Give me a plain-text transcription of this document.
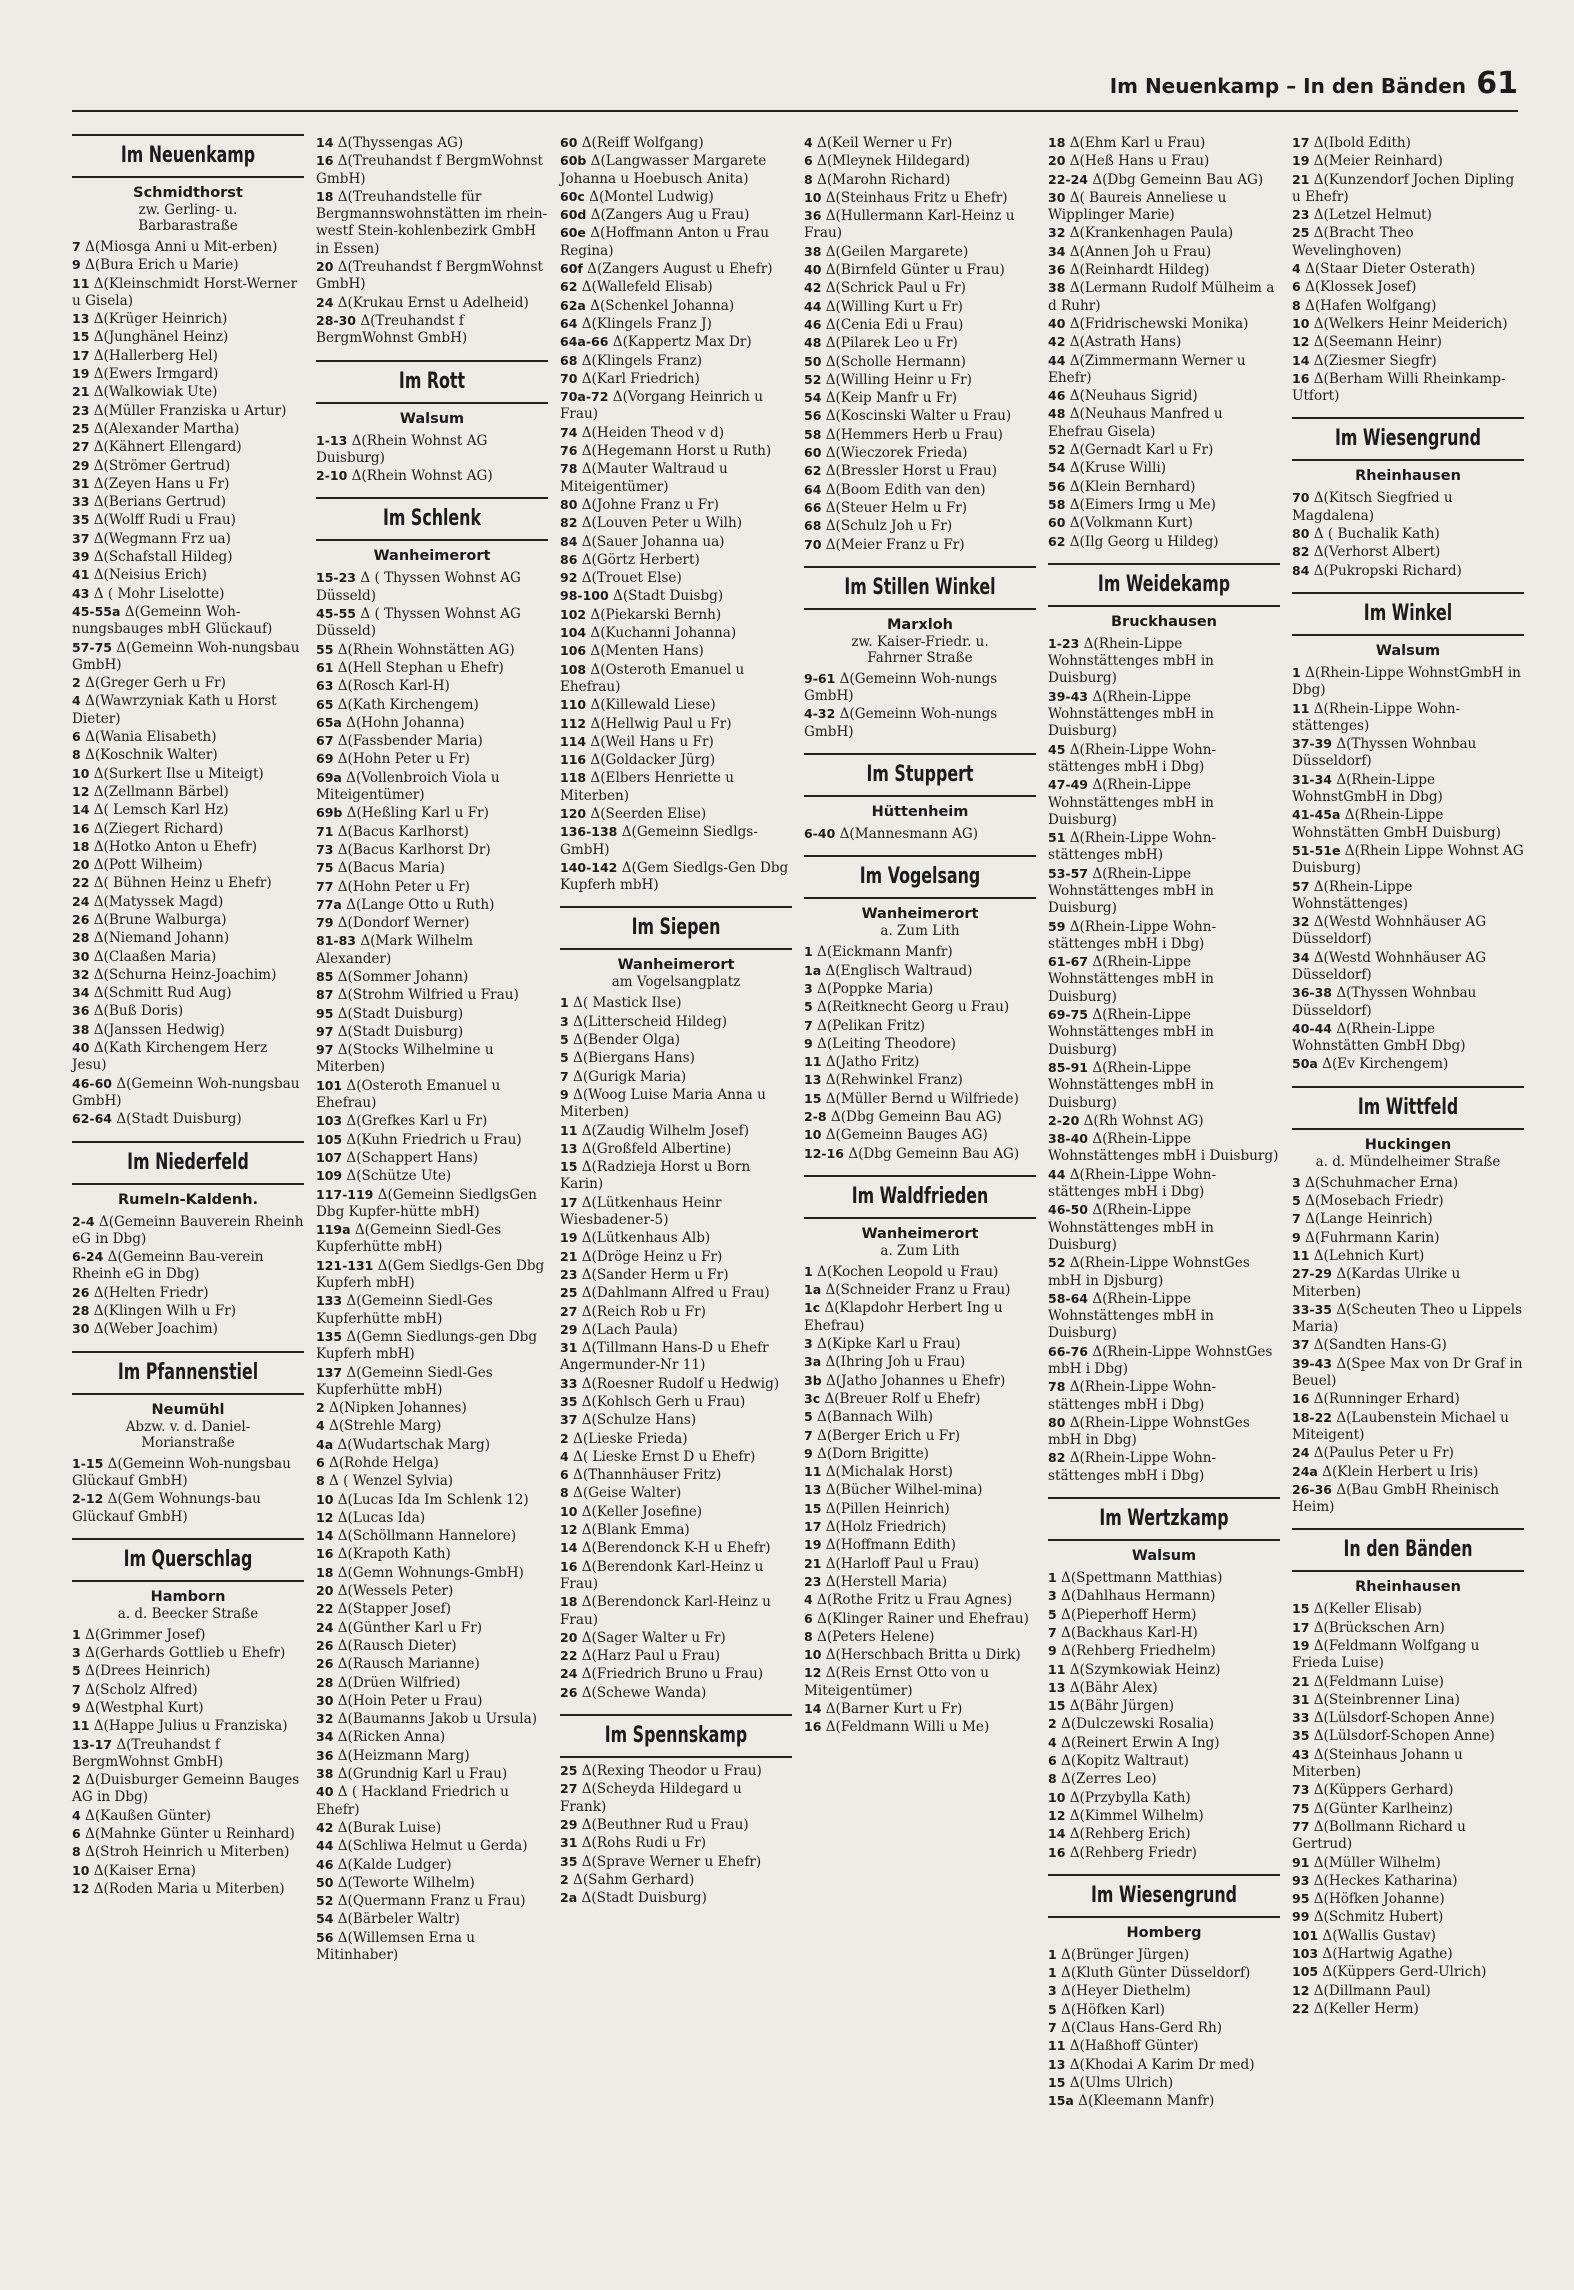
Im Neuenkamp – In den Bänden 61
Im Neuenkamp
Schmidthorst
zw. Gerling- u.
Barbarastraße

7 Δ(Miosga Anni u Mit-erben)

9 Δ(Bura Erich u Marie)

11 Δ(Kleinschmidt Horst-Werner u Gisela)

13 Δ(Krüger Heinrich)

15 Δ(Junghänel Heinz)

17 Δ(Hallerberg Hel)

19 Δ(Ewers Irmgard)

21 Δ(Walkowiak Ute)

23 Δ(Müller Franziska u Artur)

25 Δ(Alexander Martha)

27 Δ(Kähnert Ellengard)

29 Δ(Strömer Gertrud)

31 Δ(Zeyen Hans u Fr)

33 Δ(Berians Gertrud)

35 Δ(Wolff Rudi u Frau)

37 Δ(Wegmann Frz ua)

39 Δ(Schafstall Hildeg)

41 Δ(Neisius Erich)

43 Δ ( Mohr Liselotte)

45-55a Δ(Gemeinn Woh-nungsbauges mbH Glückauf)

57-75 Δ(Gemeinn Woh-nungsbau GmbH)

2 Δ(Greger Gerh u Fr)

4 Δ(Wawrzyniak Kath u Horst Dieter)

6 Δ(Wania Elisabeth)

8 Δ(Koschnik Walter)

10 Δ(Surkert Ilse u Miteigt)

12 Δ(Zellmann Bärbel)

14 Δ( Lemsch Karl Hz)

16 Δ(Ziegert Richard)

18 Δ(Hotko Anton u Ehefr)

20 Δ(Pott Wilheim)

22 Δ( Bühnen Heinz u Ehefr)

24 Δ(Matyssek Magd)

26 Δ(Brune Walburga)

28 Δ(Niemand Johann)

30 Δ(Claaßen Maria)

32 Δ(Schurna Heinz-Joachim)

34 Δ(Schmitt Rud Aug)

36 Δ(Buß Doris)

38 Δ(Janssen Hedwig)

40 Δ(Kath Kirchengem Herz Jesu)

46-60 Δ(Gemeinn Woh-nungsbau GmbH)

62-64 Δ(Stadt Duisburg)

Im Niederfeld
Rumeln-Kaldenh.

2-4 Δ(Gemeinn Bauverein Rheinh eG in Dbg)

6-24 Δ(Gemeinn Bau-verein Rheinh eG in Dbg)

26 Δ(Helten Friedr)

28 Δ(Klingen Wilh u Fr)

30 Δ(Weber Joachim)

Im Pfannenstiel
Neumühl
Abzw. v. d. Daniel-
Morianstraße

1-15 Δ(Gemeinn Woh-nungsbau Glückauf GmbH)

2-12 Δ(Gem Wohnungs-bau Glückauf GmbH)

Im Querschlag
Hamborn
a. d. Beecker Straße

1 Δ(Grimmer Josef)

3 Δ(Gerhards Gottlieb u Ehefr)

5 Δ(Drees Heinrich)

7 Δ(Scholz Alfred)

9 Δ(Westphal Kurt)

11 Δ(Happe Julius u Franziska)

13-17 Δ(Treuhandst f BergmWohnst GmbH)

2 Δ(Duisburger Gemeinn Bauges AG in Dbg)

4 Δ(Kaußen Günter)

6 Δ(Mahnke Günter u Reinhard)

8 Δ(Stroh Heinrich u Miterben)

10 Δ(Kaiser Erna)

12 Δ(Roden Maria u Miterben)

14 Δ(Thyssengas AG)

16 Δ(Treuhandst f BergmWohnst GmbH)

18 Δ(Treuhandstelle für Bergmannswohnstätten im rhein-westf Stein-kohlenbezirk GmbH in Essen)

20 Δ(Treuhandst f BergmWohnst GmbH)

24 Δ(Krukau Ernst u Adelheid)

28-30 Δ(Treuhandst f BergmWohnst GmbH)

Im Rott
Walsum

1-13 Δ(Rhein Wohnst AG Duisburg)

2-10 Δ(Rhein Wohnst AG)

Im Schlenk
Wanheimerort

15-23 Δ ( Thyssen Wohnst AG Düsseld)

45-55 Δ ( Thyssen Wohnst AG Düsseld)

55 Δ(Rhein Wohnstätten AG)

61 Δ(Hell Stephan u Ehefr)

63 Δ(Rosch Karl-H)

65 Δ(Kath Kirchengem)

65a Δ(Hohn Johanna)

67 Δ(Fassbender Maria)

69 Δ(Hohn Peter u Fr)

69a Δ(Vollenbroich Viola u Miteigentümer)

69b Δ(Heßling Karl u Fr)

71 Δ(Bacus Karlhorst)

73 Δ(Bacus Karlhorst Dr)

75 Δ(Bacus Maria)

77 Δ(Hohn Peter u Fr)

77a Δ(Lange Otto u Ruth)

79 Δ(Dondorf Werner)

81-83 Δ(Mark Wilhelm Alexander)

85 Δ(Sommer Johann)

87 Δ(Strohm Wilfried u Frau)

95 Δ(Stadt Duisburg)

97 Δ(Stadt Duisburg)

97 Δ(Stocks Wilhelmine u Miterben)

101 Δ(Osteroth Emanuel u Ehefrau)

103 Δ(Grefkes Karl u Fr)

105 Δ(Kuhn Friedrich u Frau)

107 Δ(Schappert Hans)

109 Δ(Schütze Ute)

117-119 Δ(Gemeinn SiedlgsGen Dbg Kupfer-hütte mbH)

119a Δ(Gemeinn Siedl-Ges Kupferhütte mbH)

121-131 Δ(Gem Siedlgs-Gen Dbg Kupferh mbH)

133 Δ(Gemeinn Siedl-Ges Kupferhütte mbH)

135 Δ(Gemn Siedlungs-gen Dbg Kupferh mbH)

137 Δ(Gemeinn Siedl-Ges Kupferhütte mbH)

2 Δ(Nipken Johannes)

4 Δ(Strehle Marg)

4a Δ(Wudartschak Marg)

6 Δ(Rohde Helga)

8 Δ ( Wenzel Sylvia)

10 Δ(Lucas Ida Im Schlenk 12)

12 Δ(Lucas Ida)

14 Δ(Schöllmann Hannelore)

16 Δ(Krapoth Kath)

18 Δ(Gemn Wohnungs-GmbH)

20 Δ(Wessels Peter)

22 Δ(Stapper Josef)

24 Δ(Günther Karl u Fr)

26 Δ(Rausch Dieter)

26 Δ(Rausch Marianne)

28 Δ(Drüen Wilfried)

30 Δ(Hoin Peter u Frau)

32 Δ(Baumanns Jakob u Ursula)

34 Δ(Ricken Anna)

36 Δ(Heizmann Marg)

38 Δ(Grundnig Karl u Frau)

40 Δ ( Hackland Friedrich u Ehefr)

42 Δ(Burak Luise)

44 Δ(Schliwa Helmut u Gerda)

46 Δ(Kalde Ludger)

50 Δ(Teworte Wilhelm)

52 Δ(Quermann Franz u Frau)

54 Δ(Bärbeler Waltr)

56 Δ(Willemsen Erna u Mitinhaber)

60 Δ(Reiff Wolfgang)

60b Δ(Langwasser Margarete Johanna u Hoebusch Anita)

60c Δ(Montel Ludwig)

60d Δ(Zangers Aug u Frau)

60e Δ(Hoffmann Anton u Frau Regina)

60f Δ(Zangers August u Ehefr)

62 Δ(Wallefeld Elisab)

62a Δ(Schenkel Johanna)

64 Δ(Klingels Franz J)

64a-66 Δ(Kappertz Max Dr)

68 Δ(Klingels Franz)

70 Δ(Karl Friedrich)

70a-72 Δ(Vorgang Heinrich u Frau)

74 Δ(Heiden Theod v d)

76 Δ(Hegemann Horst u Ruth)

78 Δ(Mauter Waltraud u Miteigentümer)

80 Δ(Johne Franz u Fr)

82 Δ(Louven Peter u Wilh)

84 Δ(Sauer Johanna ua)

86 Δ(Görtz Herbert)

92 Δ(Trouet Else)

98-100 Δ(Stadt Duisbg)

102 Δ(Piekarski Bernh)

104 Δ(Kuchanni Johanna)

106 Δ(Menten Hans)

108 Δ(Osteroth Emanuel u Ehefrau)

110 Δ(Killewald Liese)

112 Δ(Hellwig Paul u Fr)

114 Δ(Weil Hans u Fr)

116 Δ(Goldacker Jürg)

118 Δ(Elbers Henriette u Miterben)

120 Δ(Seerden Elise)

136-138 Δ(Gemeinn Siedlgs-GmbH)

140-142 Δ(Gem Siedlgs-Gen Dbg Kupferh mbH)

Im Siepen
Wanheimerort
am Vogelsangplatz

1 Δ( Mastick Ilse)

3 Δ(Litterscheid Hildeg)

5 Δ(Bender Olga)

5 Δ(Biergans Hans)

7 Δ(Gurigk Maria)

9 Δ(Woog Luise Maria Anna u Miterben)

11 Δ(Zaudig Wilhelm Josef)

13 Δ(Großfeld Albertine)

15 Δ(Radzieja Horst u Born Karin)

17 Δ(Lütkenhaus Heinr Wiesbadener-5)

19 Δ(Lütkenhaus Alb)

21 Δ(Dröge Heinz u Fr)

23 Δ(Sander Herm u Fr)

25 Δ(Dahlmann Alfred u Frau)

27 Δ(Reich Rob u Fr)

29 Δ(Lach Paula)

31 Δ(Tillmann Hans-D u Ehefr Angermunder-Nr 11)

33 Δ(Roesner Rudolf u Hedwig)

35 Δ(Kohlsch Gerh u Frau)

37 Δ(Schulze Hans)

2 Δ(Lieske Frieda)

4 Δ( Lieske Ernst D u Ehefr)

6 Δ(Thannhäuser Fritz)

8 Δ(Geise Walter)

10 Δ(Keller Josefine)

12 Δ(Blank Emma)

14 Δ(Berendonck K-H u Ehefr)

16 Δ(Berendonk Karl-Heinz u Frau)

18 Δ(Berendonck Karl-Heinz u Frau)

20 Δ(Sager Walter u Fr)

22 Δ(Harz Paul u Frau)

24 Δ(Friedrich Bruno u Frau)

26 Δ(Schewe Wanda)

Im Spennskamp

25 Δ(Rexing Theodor u Frau)

27 Δ(Scheyda Hildegard u Frank)

29 Δ(Beuthner Rud u Frau)

31 Δ(Rohs Rudi u Fr)

35 Δ(Sprave Werner u Ehefr)

2 Δ(Sahm Gerhard)

2a Δ(Stadt Duisburg)

4 Δ(Keil Werner u Fr)

6 Δ(Mleynek Hildegard)

8 Δ(Marohn Richard)

10 Δ(Steinhaus Fritz u Ehefr)

36 Δ(Hullermann Karl-Heinz u Frau)

38 Δ(Geilen Margarete)

40 Δ(Birnfeld Günter u Frau)

42 Δ(Schrick Paul u Fr)

44 Δ(Willing Kurt u Fr)

46 Δ(Cenia Edi u Frau)

48 Δ(Pilarek Leo u Fr)

50 Δ(Scholle Hermann)

52 Δ(Willing Heinr u Fr)

54 Δ(Keip Manfr u Fr)

56 Δ(Koscinski Walter u Frau)

58 Δ(Hemmers Herb u Frau)

60 Δ(Wieczorek Frieda)

62 Δ(Bressler Horst u Frau)

64 Δ(Boom Edith van den)

66 Δ(Steuer Helm u Fr)

68 Δ(Schulz Joh u Fr)

70 Δ(Meier Franz u Fr)

Im Stillen Winkel
Marxloh
zw. Kaiser-Friedr. u.
Fahrner Straße

9-61 Δ(Gemeinn Woh-nungs GmbH)

4-32 Δ(Gemeinn Woh-nungs GmbH)

Im Stuppert
Hüttenheim

6-40 Δ(Mannesmann AG)

Im Vogelsang
Wanheimerort
a. Zum Lith

1 Δ(Eickmann Manfr)

1a Δ(Englisch Waltraud)

3 Δ(Poppke Maria)

5 Δ(Reitknecht Georg u Frau)

7 Δ(Pelikan Fritz)

9 Δ(Leiting Theodore)

11 Δ(Jatho Fritz)

13 Δ(Rehwinkel Franz)

15 Δ(Müller Bernd u Wilfriede)

2-8 Δ(Dbg Gemeinn Bau AG)

10 Δ(Gemeinn Bauges AG)

12-16 Δ(Dbg Gemeinn Bau AG)

Im Waldfrieden
Wanheimerort
a. Zum Lith

1 Δ(Kochen Leopold u Frau)

1a Δ(Schneider Franz u Frau)

1c Δ(Klapdohr Herbert Ing u Ehefrau)

3 Δ(Kipke Karl u Frau)

3a Δ(Ihring Joh u Frau)

3b Δ(Jatho Johannes u Ehefr)

3c Δ(Breuer Rolf u Ehefr)

5 Δ(Bannach Wilh)

7 Δ(Berger Erich u Fr)

9 Δ(Dorn Brigitte)

11 Δ(Michalak Horst)

13 Δ(Bücher Wilhel-mina)

15 Δ(Pillen Heinrich)

17 Δ(Holz Friedrich)

19 Δ(Hoffmann Edith)

21 Δ(Harloff Paul u Frau)

23 Δ(Herstell Maria)

4 Δ(Rothe Fritz u Frau Agnes)

6 Δ(Klinger Rainer und Ehefrau)

8 Δ(Peters Helene)

10 Δ(Herschbach Britta u Dirk)

12 Δ(Reis Ernst Otto von u Miteigentümer)

14 Δ(Barner Kurt u Fr)

16 Δ(Feldmann Willi u Me)

18 Δ(Ehm Karl u Frau)

20 Δ(Heß Hans u Frau)

22-24 Δ(Dbg Gemeinn Bau AG)

30 Δ( Baureis Anneliese u Wipplinger Marie)

32 Δ(Krankenhagen Paula)

34 Δ(Annen Joh u Frau)

36 Δ(Reinhardt Hildeg)

38 Δ(Lermann Rudolf Mülheim a d Ruhr)

40 Δ(Fridrischewski Monika)

42 Δ(Astrath Hans)

44 Δ(Zimmermann Werner u Ehefr)

46 Δ(Neuhaus Sigrid)

48 Δ(Neuhaus Manfred u Ehefrau Gisela)

52 Δ(Gernadt Karl u Fr)

54 Δ(Kruse Willi)

56 Δ(Klein Bernhard)

58 Δ(Eimers Irmg u Me)

60 Δ(Volkmann Kurt)

62 Δ(Ilg Georg u Hildeg)

Im Weidekamp
Bruckhausen

1-23 Δ(Rhein-Lippe Wohnstättenges mbH in Duisburg)

39-43 Δ(Rhein-Lippe Wohnstättenges mbH in Duisburg)

45 Δ(Rhein-Lippe Wohn-stättenges mbH i Dbg)

47-49 Δ(Rhein-Lippe Wohnstättenges mbH in Duisburg)

51 Δ(Rhein-Lippe Wohn-stättenges mbH)

53-57 Δ(Rhein-Lippe Wohnstättenges mbH in Duisburg)

59 Δ(Rhein-Lippe Wohn-stättenges mbH i Dbg)

61-67 Δ(Rhein-Lippe Wohnstättenges mbH in Duisburg)

69-75 Δ(Rhein-Lippe Wohnstättenges mbH in Duisburg)

85-91 Δ(Rhein-Lippe Wohnstättenges mbH in Duisburg)

2-20 Δ(Rh Wohnst AG)

38-40 Δ(Rhein-Lippe Wohnstättenges mbH i Duisburg)

44 Δ(Rhein-Lippe Wohn-stättenges mbH i Dbg)

46-50 Δ(Rhein-Lippe Wohnstättenges mbH in Duisburg)

52 Δ(Rhein-Lippe WohnstGes mbH in Djsburg)

58-64 Δ(Rhein-Lippe Wohnstättenges mbH in Duisburg)

66-76 Δ(Rhein-Lippe WohnstGes mbH i Dbg)

78 Δ(Rhein-Lippe Wohn-stättenges mbH i Dbg)

80 Δ(Rhein-Lippe WohnstGes mbH in Dbg)

82 Δ(Rhein-Lippe Wohn-stättenges mbH i Dbg)

Im Wertzkamp
Walsum

1 Δ(Spettmann Matthias)

3 Δ(Dahlhaus Hermann)

5 Δ(Pieperhoff Herm)

7 Δ(Backhaus Karl-H)

9 Δ(Rehberg Friedhelm)

11 Δ(Szymkowiak Heinz)

13 Δ(Bähr Alex)

15 Δ(Bähr Jürgen)

2 Δ(Dulczewski Rosalia)

4 Δ(Reinert Erwin A Ing)

6 Δ(Kopitz Waltraut)

8 Δ(Zerres Leo)

10 Δ(Przybylla Kath)

12 Δ(Kimmel Wilhelm)

14 Δ(Rehberg Erich)

16 Δ(Rehberg Friedr)

Im Wiesengrund
Homberg

1 Δ(Brünger Jürgen)

1 Δ(Kluth Günter Düsseldorf)

3 Δ(Heyer Diethelm)

5 Δ(Höfken Karl)

7 Δ(Claus Hans-Gerd Rh)

11 Δ(Haßhoff Günter)

13 Δ(Khodai A Karim Dr med)

15 Δ(Ulms Ulrich)

15a Δ(Kleemann Manfr)

17 Δ(Ibold Edith)

19 Δ(Meier Reinhard)

21 Δ(Kunzendorf Jochen Dipling u Ehefr)

23 Δ(Letzel Helmut)

25 Δ(Bracht Theo Wevelinghoven)

4 Δ(Staar Dieter Osterath)

6 Δ(Klossek Josef)

8 Δ(Hafen Wolfgang)

10 Δ(Welkers Heinr Meiderich)

12 Δ(Seemann Heinr)

14 Δ(Ziesmer Siegfr)

16 Δ(Berham Willi Rheinkamp-Utfort)

Im Wiesengrund
Rheinhausen

70 Δ(Kitsch Siegfried u Magdalena)

80 Δ ( Buchalik Kath)

82 Δ(Verhorst Albert)

84 Δ(Pukropski Richard)

Im Winkel
Walsum

1 Δ(Rhein-Lippe WohnstGmbH in Dbg)

11 Δ(Rhein-Lippe Wohn-stättenges)

37-39 Δ(Thyssen Wohnbau Düsseldorf)

31-34 Δ(Rhein-Lippe WohnstGmbH in Dbg)

41-45a Δ(Rhein-Lippe Wohnstätten GmbH Duisburg)

51-51e Δ(Rhein Lippe Wohnst AG Duisburg)

57 Δ(Rhein-Lippe Wohnstättenges)

32 Δ(Westd Wohnhäuser AG Düsseldorf)

34 Δ(Westd Wohnhäuser AG Düsseldorf)

36-38 Δ(Thyssen Wohnbau Düsseldorf)

40-44 Δ(Rhein-Lippe Wohnstätten GmbH Dbg)

50a Δ(Ev Kirchengem)

Im Wittfeld
Huckingen
a. d. Mündelheimer Straße

3 Δ(Schuhmacher Erna)

5 Δ(Mosebach Friedr)

7 Δ(Lange Heinrich)

9 Δ(Fuhrmann Karin)

11 Δ(Lehnich Kurt)

27-29 Δ(Kardas Ulrike u Miterben)

33-35 Δ(Scheuten Theo u Lippels Maria)

37 Δ(Sandten Hans-G)

39-43 Δ(Spee Max von Dr Graf in Beuel)

16 Δ(Runninger Erhard)

18-22 Δ(Laubenstein Michael u Miteigent)

24 Δ(Paulus Peter u Fr)

24a Δ(Klein Herbert u Iris)

26-36 Δ(Bau GmbH Rheinisch Heim)

In den Bänden
Rheinhausen

15 Δ(Keller Elisab)

17 Δ(Brückschen Arn)

19 Δ(Feldmann Wolfgang u Frieda Luise)

21 Δ(Feldmann Luise)

31 Δ(Steinbrenner Lina)

33 Δ(Lülsdorf-Schopen Anne)

35 Δ(Lülsdorf-Schopen Anne)

43 Δ(Steinhaus Johann u Miterben)

73 Δ(Küppers Gerhard)

75 Δ(Günter Karlheinz)

77 Δ(Bollmann Richard u Gertrud)

91 Δ(Müller Wilhelm)

93 Δ(Heckes Katharina)

95 Δ(Höfken Johanne)

99 Δ(Schmitz Hubert)

101 Δ(Wallis Gustav)

103 Δ(Hartwig Agathe)

105 Δ(Küppers Gerd-Ulrich)

12 Δ(Dillmann Paul)

22 Δ(Keller Herm)
